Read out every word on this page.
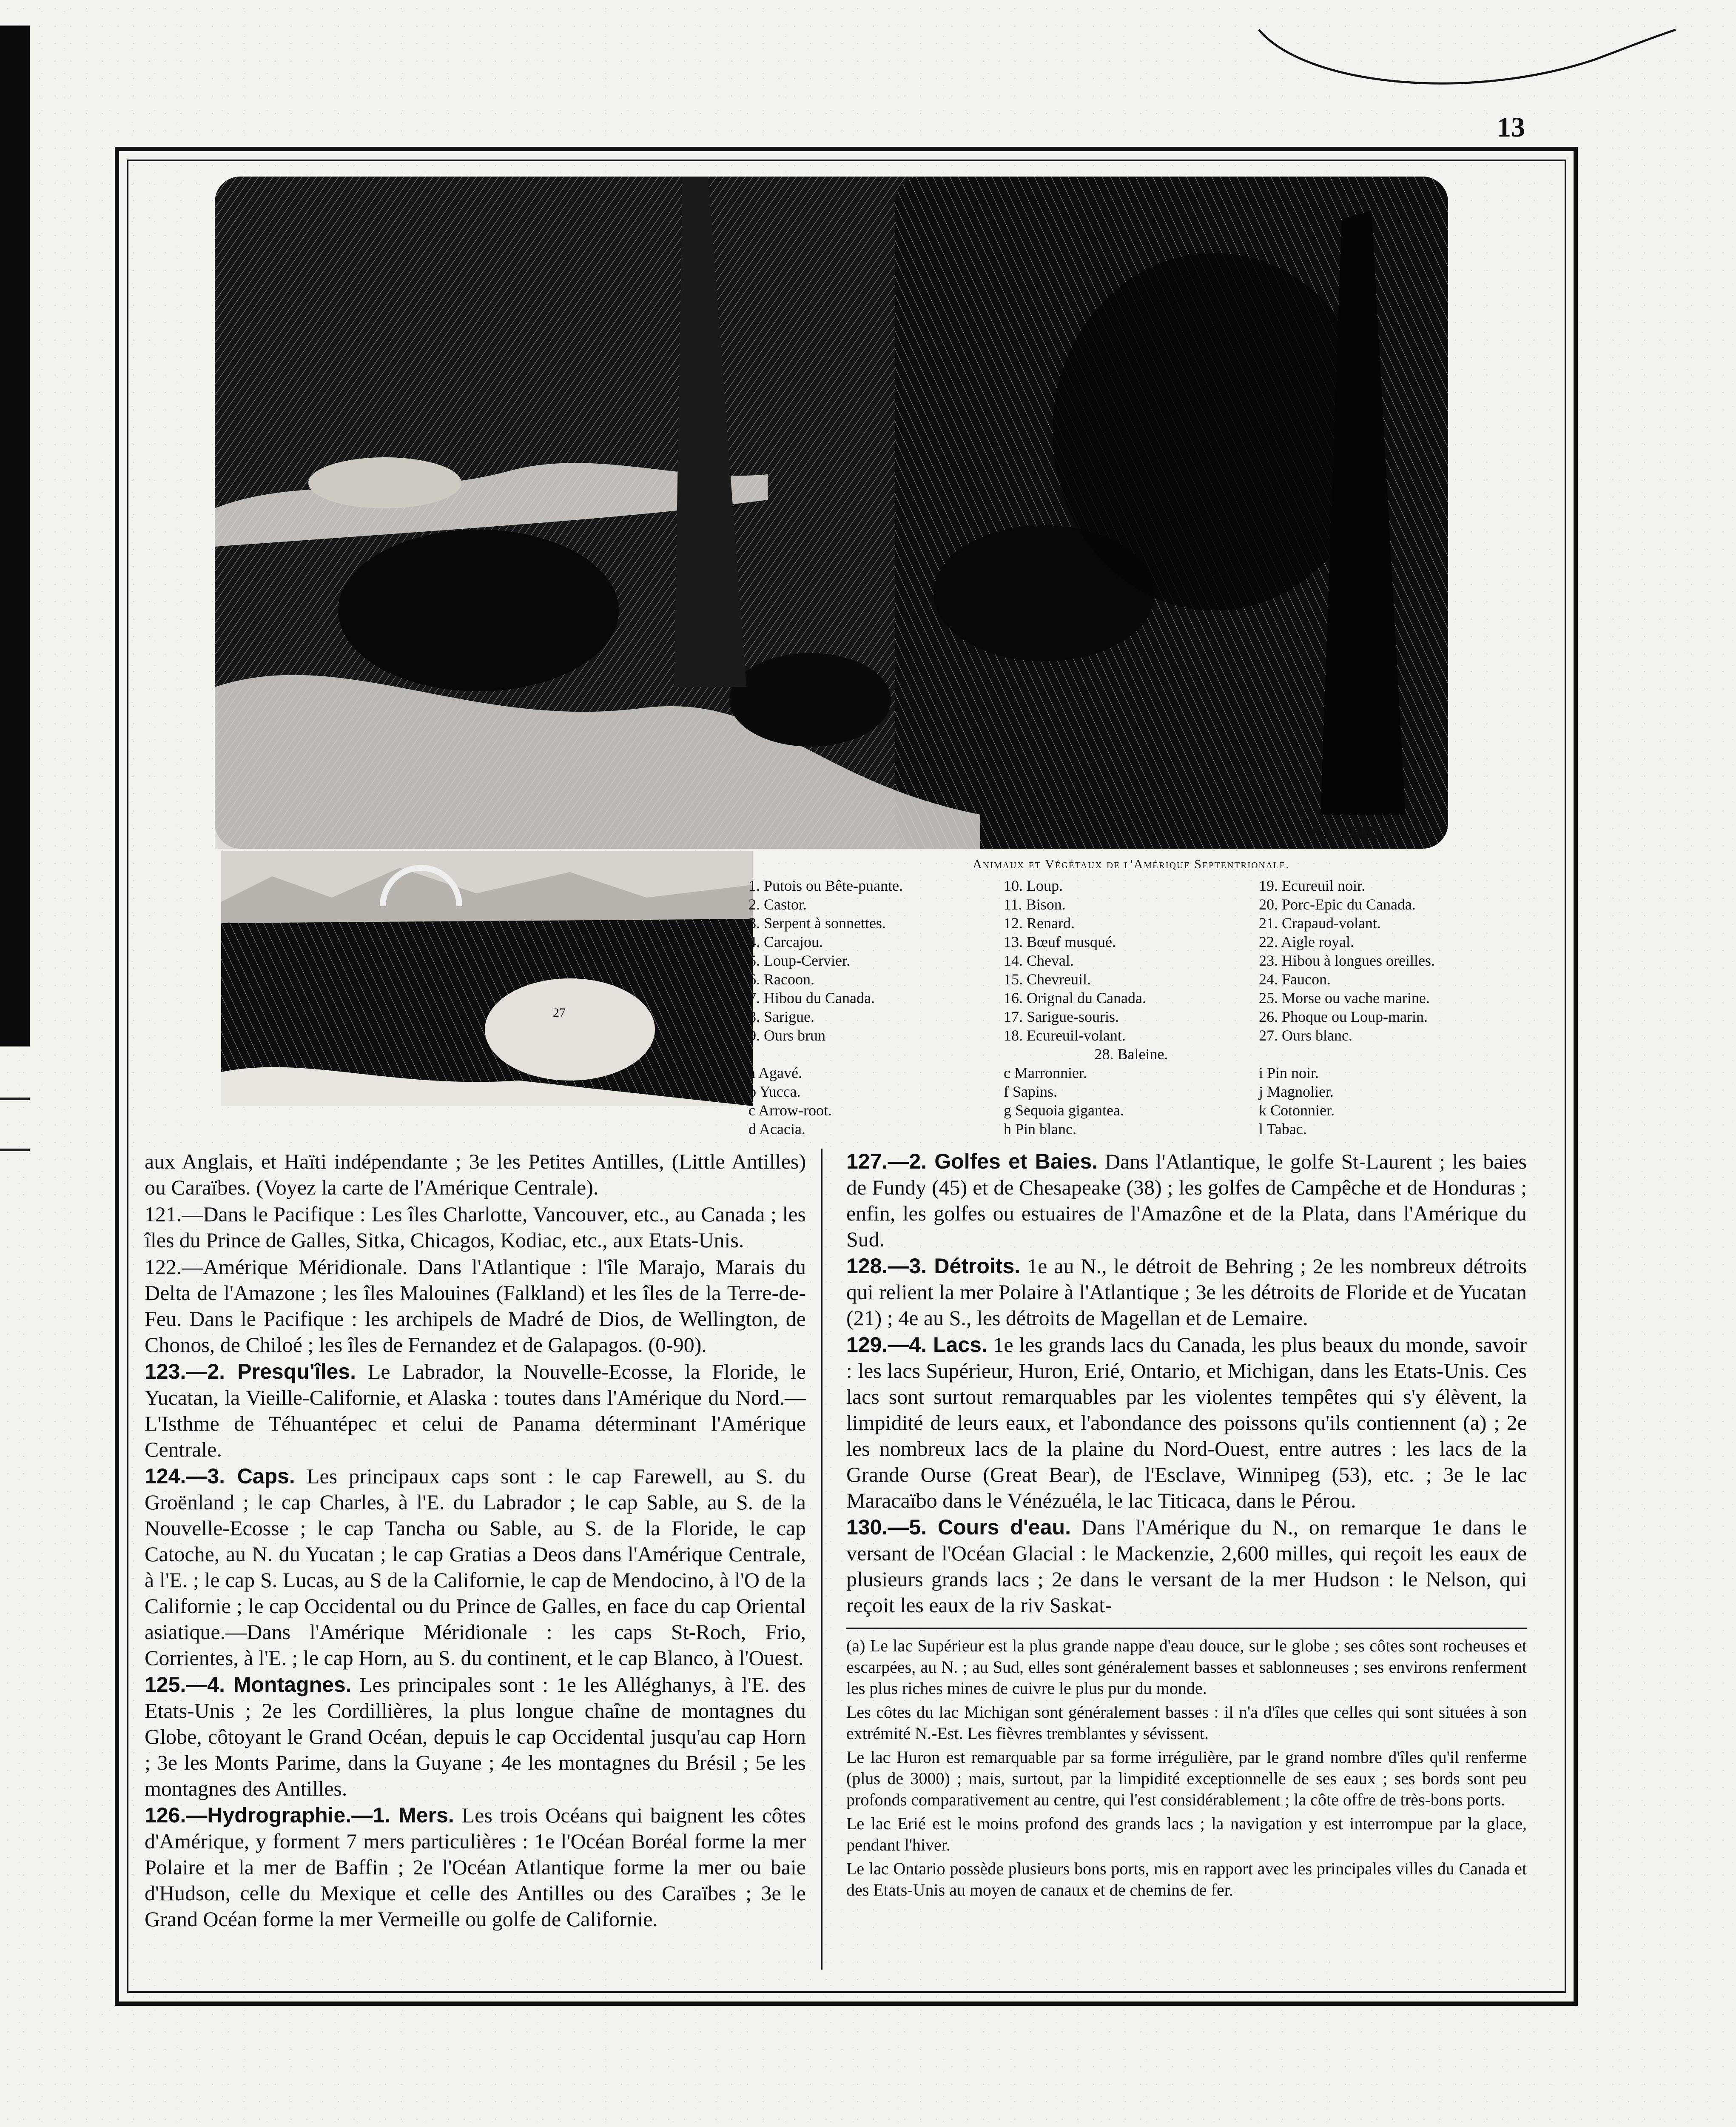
13
E.CSAMER
27
Animaux et Végétaux de l'Amérique Septentrionale.
1. Putois ou Bête-puante.
2. Castor.
3. Serpent à sonnettes.
4. Carcajou.
5. Loup-Cervier.
6. Racoon.
7. Hibou du Canada.
8. Sarigue.
9. Ours brun
10. Loup.
11. Bison.
12. Renard.
13. Bœuf musqué.
14. Cheval.
15. Chevreuil.
16. Orignal du Canada.
17. Sarigue-souris.
18. Ecureuil-volant.
19. Ecureuil noir.
20. Porc-Epic du Canada.
21. Crapaud-volant.
22. Aigle royal.
23. Hibou à longues oreilles.
24. Faucon.
25. Morse ou vache marine.
26. Phoque ou Loup-marin.
27. Ours blanc.
28. Baleine.
a Agavé.
b Yucca.
c Arrow-root.
d Acacia.
c Marronnier.
f Sapins.
g Sequoia gigantea.
h Pin blanc.
i Pin noir.
j Magnolier.
k Cotonnier.
l Tabac.

aux Anglais, et Haïti indépendante ; 3e les Petites Antilles, (Little Antilles) ou Caraïbes. (Voyez la carte de l'Amérique Centrale).

121.—Dans le Pacifique : Les îles Charlotte, Vancouver, etc., au Canada ; les îles du Prince de Galles, Sitka, Chicagos, Kodiac, etc., aux Etats-Unis.

122.—Amérique Méridionale. Dans l'Atlantique : l'île Marajo, Marais du Delta de l'Amazone ; les îles Malouines (Falkland) et les îles de la Terre-de-Feu. Dans le Pacifique : les archipels de Madré de Dios, de Wellington, de Chonos, de Chiloé ; les îles de Fernandez et de Galapagos. (0-90).

123.—2. Presqu'îles. Le Labrador, la Nouvelle-Ecosse, la Floride, le Yucatan, la Vieille-Californie, et Alaska : toutes dans l'Amérique du Nord.—L'Isthme de Téhuantépec et celui de Panama déterminant l'Amérique Centrale.

124.—3. Caps. Les principaux caps sont : le cap Farewell, au S. du Groënland ; le cap Charles, à l'E. du Labrador ; le cap Sable, au S. de la Nouvelle-Ecosse ; le cap Tancha ou Sable, au S. de la Floride, le cap Catoche, au N. du Yucatan ; le cap Gratias a Deos dans l'Amérique Centrale, à l'E. ; le cap S. Lucas, au S de la Californie, le cap de Mendocino, à l'O de la Californie ; le cap Occidental ou du Prince de Galles, en face du cap Oriental asiatique.—Dans l'Amérique Méridionale : les caps St-Roch, Frio, Corrientes, à l'E. ; le cap Horn, au S. du continent, et le cap Blanco, à l'Ouest.

125.—4. Montagnes. Les principales sont : 1e les Alléghanys, à l'E. des Etats-Unis ; 2e les Cordillières, la plus longue chaîne de montagnes du Globe, côtoyant le Grand Océan, depuis le cap Occidental jusqu'au cap Horn ; 3e les Monts Parime, dans la Guyane ; 4e les montagnes du Brésil ; 5e les montagnes des Antilles.

126.—Hydrographie.—1. Mers. Les trois Océans qui baignent les côtes d'Amérique, y forment 7 mers particulières : 1e l'Océan Boréal forme la mer Polaire et la mer de Baffin ; 2e l'Océan Atlantique forme la mer ou baie d'Hudson, celle du Mexique et celle des Antilles ou des Caraïbes ; 3e le Grand Océan forme la mer Vermeille ou golfe de Californie.

127.—2. Golfes et Baies. Dans l'Atlantique, le golfe St-Laurent ; les baies de Fundy (45) et de Chesapeake (38) ; les golfes de Campêche et de Honduras ; enfin, les golfes ou estuaires de l'Amazône et de la Plata, dans l'Amérique du Sud.

128.—3. Détroits. 1e au N., le détroit de Behring ; 2e les nombreux détroits qui relient la mer Polaire à l'Atlantique ; 3e les détroits de Floride et de Yucatan (21) ; 4e au S., les détroits de Magellan et de Lemaire.

129.—4. Lacs. 1e les grands lacs du Canada, les plus beaux du monde, savoir : les lacs Supérieur, Huron, Erié, Ontario, et Michigan, dans les Etats-Unis. Ces lacs sont surtout remarquables par les violentes tempêtes qui s'y élèvent, la limpidité de leurs eaux, et l'abondance des poissons qu'ils contiennent (a) ; 2e les nombreux lacs de la plaine du Nord-Ouest, entre autres : les lacs de la Grande Ourse (Great Bear), de l'Esclave, Winnipeg (53), etc. ; 3e le lac Maracaïbo dans le Vénézuéla, le lac Titicaca, dans le Pérou.

130.—5. Cours d'eau. Dans l'Amérique du N., on remarque 1e dans le versant de l'Océan Glacial : le Mackenzie, 2,600 milles, qui reçoit les eaux de plusieurs grands lacs ; 2e dans le versant de la mer Hudson : le Nelson, qui reçoit les eaux de la riv Saskat-

(a) Le lac Supérieur est la plus grande nappe d'eau douce, sur le globe ; ses côtes sont rocheuses et escarpées, au N. ; au Sud, elles sont généralement basses et sablonneuses ; ses environs renferment les plus riches mines de cuivre le plus pur du monde.

Les côtes du lac Michigan sont généralement basses : il n'a d'îles que celles qui sont situées à son extrémité N.-Est. Les fièvres tremblantes y sévissent.

Le lac Huron est remarquable par sa forme irrégulière, par le grand nombre d'îles qu'il renferme (plus de 3000) ; mais, surtout, par la limpidité exceptionnelle de ses eaux ; ses bords sont peu profonds comparativement au centre, qui l'est considérablement ; la côte offre de très-bons ports.

Le lac Erié est le moins profond des grands lacs ; la navigation y est interrompue par la glace, pendant l'hiver.

Le lac Ontario possède plusieurs bons ports, mis en rapport avec les principales villes du Canada et des Etats-Unis au moyen de canaux et de chemins de fer.
